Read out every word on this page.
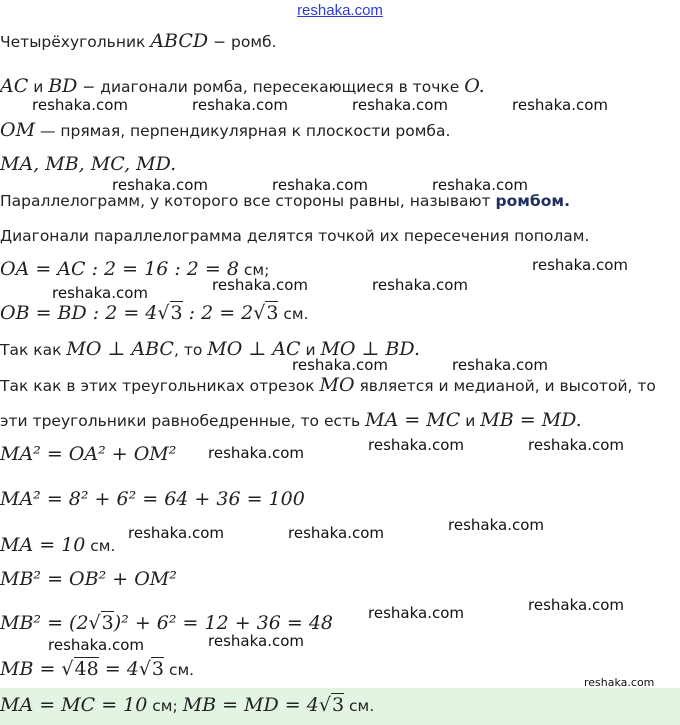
reshaka.com
Четырёхугольник ABCD − ромб.
AC и BD − диагонали ромба, пересекающиеся в точке O.
OM — прямая, перпендикулярная к плоскости ромба.
MA, MB, MC, MD.
Параллелограмм, у которого все стороны равны, называют ромбом.
Диагонали параллелограмма делятся точкой их пересечения пополам.
OA = AC : 2 = 16 : 2 = 8 см;
OB = BD : 2 = 4√3 : 2 = 2√3 см.
Так как MO ⊥ ABC, то MO ⊥ AC и MO ⊥ BD.
Так как в этих треугольниках отрезок MO является и медианой, и высотой, то
эти треугольники равнобедренные, то есть MA = MC и MB = MD.
MA² = OA² + OM²
MA² = 8² + 6² = 64 + 36 = 100
MA = 10 см.
MB² = OB² + OM²
MB² = (2√3)² + 6² = 12 + 36 = 48
MB = √48 = 4√3 см.
MA = MC = 10 см; MB = MD = 4√3 см.
reshaka.com	reshaka.com	reshaka.com	reshaka.com
reshaka.com	reshaka.com	reshaka.com
reshaka.com
reshaka.com	reshaka.com	reshaka.com
reshaka.com	reshaka.com
reshaka.com	reshaka.com	reshaka.com
reshaka.com
reshaka.com	reshaka.com
reshaka.com
reshaka.com
reshaka.com	reshaka.com
reshaka.com
